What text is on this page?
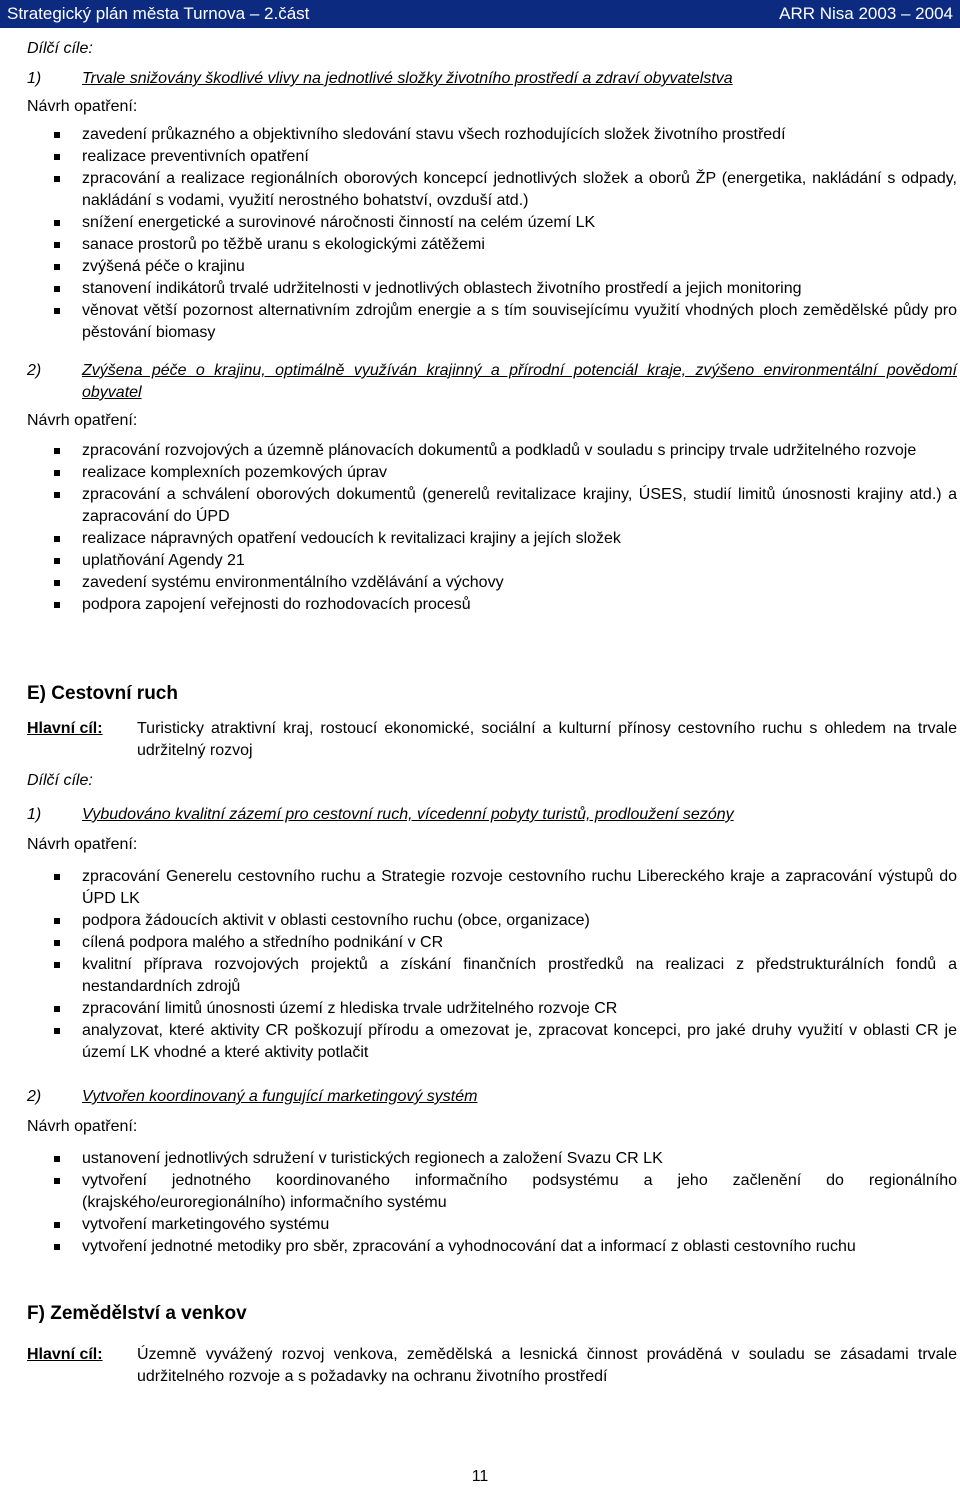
Strategický plán města Turnova – 2.část	ARR Nisa 2003 – 2004
Dílčí cíle:
1)	Trvale snižovány škodlivé vlivy na jednotlivé složky životního prostředí a zdraví obyvatelstva
Návrh opatření:
zavedení průkazného a objektivního sledování stavu všech rozhodujících složek životního prostředí
realizace preventivních opatření
zpracování a realizace regionálních oborových koncepcí jednotlivých složek a oborů ŽP (energetika, nakládání s odpady, nakládání s vodami, využití nerostného bohatství, ovzduší atd.)
snížení energetické a surovinové náročnosti činností na celém území LK
sanace prostorů po těžbě uranu s ekologickými zátěžemi
zvýšená péče o krajinu
stanovení indikátorů trvalé udržitelnosti v jednotlivých oblastech životního prostředí a jejich monitoring
věnovat větší pozornost alternativním zdrojům energie a s tím souvisejícímu využití vhodných ploch zemědělské půdy pro pěstování biomasy
2)	Zvýšena péče o krajinu, optimálně využíván krajinný a přírodní potenciál kraje, zvýšeno environmentální povědomí obyvatel
Návrh opatření:
zpracování rozvojových a územně plánovacích dokumentů a podkladů v souladu s principy trvale udržitelného rozvoje
realizace komplexních pozemkových úprav
zpracování a schválení oborových dokumentů (generelů revitalizace krajiny, ÚSES, studií limitů únosnosti krajiny atd.) a zapracování do ÚPD
realizace nápravných opatření vedoucích k revitalizaci krajiny a jejích složek
uplatňování Agendy 21
zavedení systému environmentálního vzdělávání a výchovy
podpora zapojení veřejnosti do rozhodovacích procesů
E) Cestovní ruch
Hlavní cíl:	Turisticky atraktivní kraj, rostoucí ekonomické, sociální a kulturní přínosy cestovního ruchu s ohledem na trvale udržitelný rozvoj
Dílčí cíle:
1)	Vybudováno kvalitní zázemí pro cestovní ruch, vícedenní pobyty turistů, prodloužení sezóny
Návrh opatření:
zpracování Generelu cestovního ruchu a Strategie rozvoje cestovního ruchu Libereckého kraje a zapracování výstupů do ÚPD LK
podpora žádoucích aktivit v oblasti cestovního ruchu (obce, organizace)
cílená podpora malého a středního podnikání v CR
kvalitní příprava rozvojových projektů a získání finančních prostředků na realizaci z předstrukturálních fondů a nestandardních zdrojů
zpracování limitů únosnosti území z hlediska trvale udržitelného rozvoje CR
analyzovat, které aktivity CR poškozují přírodu a omezovat je, zpracovat koncepci, pro jaké druhy využití v oblasti CR je území LK vhodné a které aktivity potlačit
2)	Vytvořen koordinovaný a fungující marketingový systém
Návrh opatření:
ustanovení jednotlivých sdružení v turistických regionech a založení Svazu CR LK
vytvoření jednotného koordinovaného informačního podsystému a jeho začlenění do regionálního (krajského/euroregionálního) informačního systému
vytvoření marketingového systému
vytvoření jednotné metodiky pro sběr, zpracování a vyhodnocování dat a informací z oblasti cestovního ruchu
F) Zemědělství a venkov
Hlavní cíl:	Územně vyvážený rozvoj venkova, zemědělská a lesnická činnost prováděná v souladu se zásadami trvale udržitelného rozvoje a s požadavky na ochranu životního prostředí
11
